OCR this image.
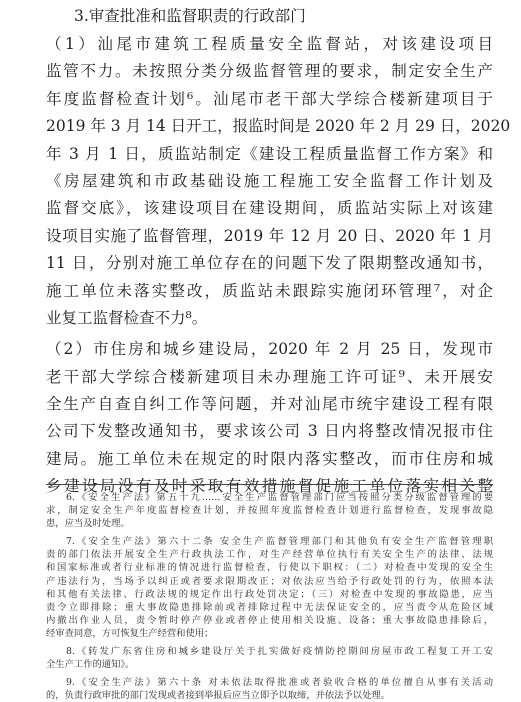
3.审查批准和监督职责的行政部门
（1）汕尾市建筑工程质量安全监督站，对该建设项目
监管不力。未按照分类分级监督管理的要求，制定安全生产
年度监督检查计划⁶。汕尾市老干部大学综合楼新建项目于
2019 年 3 月 14 日开工，报监时间是 2020 年 2 月 29 日，2020
年 3 月 1 日，质监站制定《建设工程质量监督工作方案》和
《房屋建筑和市政基础设施工程施工安全监督工作计划及
监督交底》，该建设项目在建设期间，质监站实际上对该建
设项目实施了监督管理，2019 年 12 月 20 日、2020 年 1 月
11 日，分别对施工单位存在的问题下发了限期整改通知书，
施工单位未落实整改，质监站未跟踪实施闭环管理⁷，对企
业复工监督检查不力⁸。
（2）市住房和城乡建设局，2020 年 2 月 25 日，发现市
老干部大学综合楼新建项目未办理施工许可证⁹、未开展安
全生产自查自纠工作等问题，并对汕尾市统宇建设工程有限
公司下发整改通知书，要求该公司 3 日内将整改情况报市住
建局。施工单位未在规定的时限内落实整改，而市住房和城
乡建设局没有及时采取有效措施督促施工单位落实相关整
6.《安全生产法》第五十九……安全生产监督管理部门应当按照分类分级监督管理的要
求，制定安全生产年度监督检查计划，并按照年度监督检查计划进行监督检查，发现事故隐
患，应当及时处理。
7.《安全生产法》第六十二条 安全生产监督管理部门和其他负有安全生产监督管理职
责的部门依法开展安全生产行政执法工作，对生产经营单位执行有关安全生产的法律、法规
和国家标准或者行业标准的情况进行监督检查，行使以下职权：（二）对检查中发现的安全生
产违法行为，当场予以纠正或者要求限期改正；对依法应当给予行政处罚的行为，依照本法
和其他有关法律、行政法规的规定作出行政处罚决定；（三）对检查中发现的事故隐患，应当
责令立即排除；重大事故隐患排除前或者排除过程中无法保证安全的，应当责令从危险区域
内撤出作业人员，责令暂时停产停业或者停止使用相关设施、设备；重大事故隐患排除后，
经审查同意，方可恢复生产经营和使用；
8.《转发广东省住房和城乡建设厅关于扎实做好疫情防控期间房屋市政工程复工开工安
全生产工作的通知》。
9.《安全生产法》第六十条 对未依法取得批准或者验收合格的单位擅自从事有关活动
的，负责行政审批的部门发现或者接到举报后应当立即予以取缔，并依法予以处理。
